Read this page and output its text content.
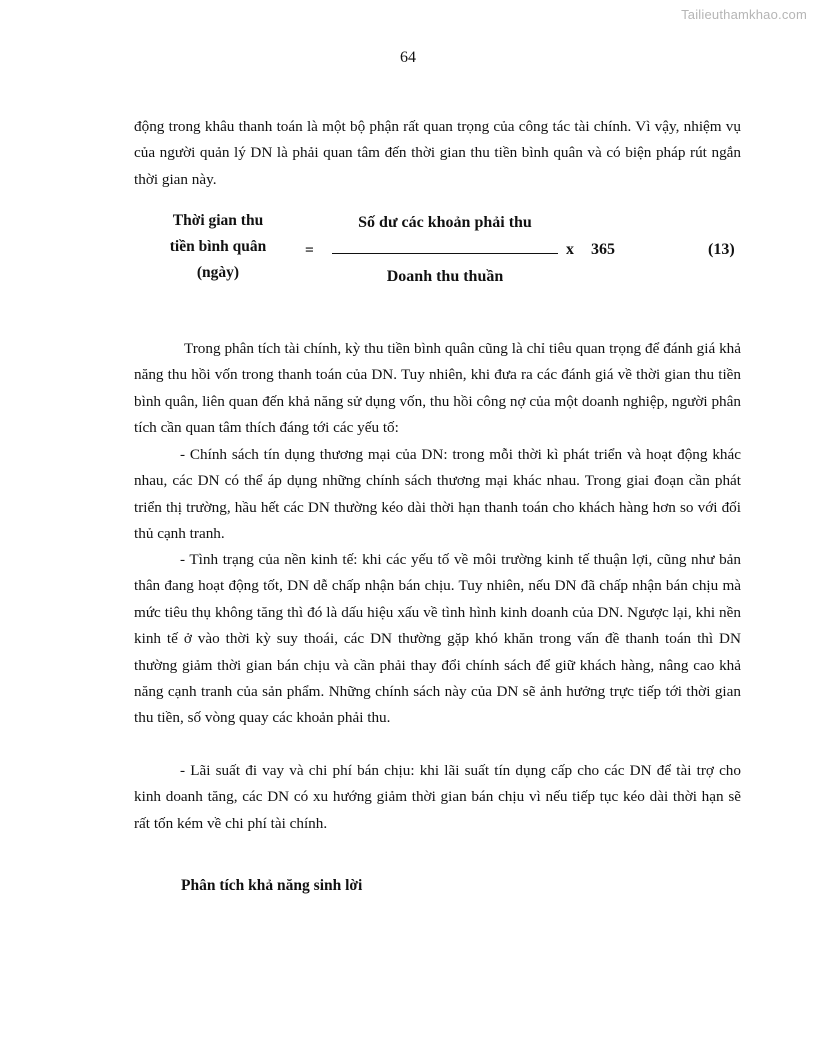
Tailieuthamkhao.com
64

động trong khâu thanh toán là một bộ phận rất quan trọng của công tác tài chính. Vì vậy, nhiệm vụ của người quản lý DN là phải quan tâm đến thời gian thu tiền bình quân và có biện pháp rút ngắn thời gian này.

Thời gian thu
tiền bình quân
(ngày)
=
Số dư các khoản phải thu
Doanh thu thuần
x 365	(13)

Trong phân tích tài chính, kỳ thu tiền bình quân cũng là chỉ tiêu quan trọng để đánh giá khả năng thu hồi vốn trong thanh toán của DN. Tuy nhiên, khi đưa ra các đánh giá về thời gian thu tiền bình quân, liên quan đến khả năng sử dụng vốn, thu hồi công nợ của một doanh nghiệp, người phân tích cần quan tâm thích đáng tới các yếu tố:

- Chính sách tín dụng thương mại của DN: trong mỗi thời kì phát triển và hoạt động khác nhau, các DN có thể áp dụng những chính sách thương mại khác nhau. Trong giai đoạn cần phát triển thị trường, hầu hết các DN thường kéo dài thời hạn thanh toán cho khách hàng hơn so với đối thủ cạnh tranh.

- Tình trạng của nền kinh tế: khi các yếu tố về môi trường kinh tế thuận lợi, cũng như bản thân đang hoạt động tốt, DN dễ chấp nhận bán chịu. Tuy nhiên, nếu DN đã chấp nhận bán chịu mà mức tiêu thụ không tăng thì đó là dấu hiệu xấu về tình hình kinh doanh của DN. Ngược lại, khi nền kinh tế ở vào thời kỳ suy thoái, các DN thường gặp khó khăn trong vấn đề thanh toán thì DN thường giảm thời gian bán chịu và cần phải thay đổi chính sách để giữ khách hàng, nâng cao khả năng cạnh tranh của sản phẩm. Những chính sách này của DN sẽ ảnh hưởng trực tiếp tới thời gian thu tiền, số vòng quay các khoản phải thu.

- Lãi suất đi vay và chi phí bán chịu: khi lãi suất tín dụng cấp cho các DN để tài trợ cho kinh doanh tăng, các DN có xu hướng giảm thời gian bán chịu vì nếu tiếp tục kéo dài thời hạn sẽ rất tốn kém về chi phí tài chính.

Phân tích khả năng sinh lời
